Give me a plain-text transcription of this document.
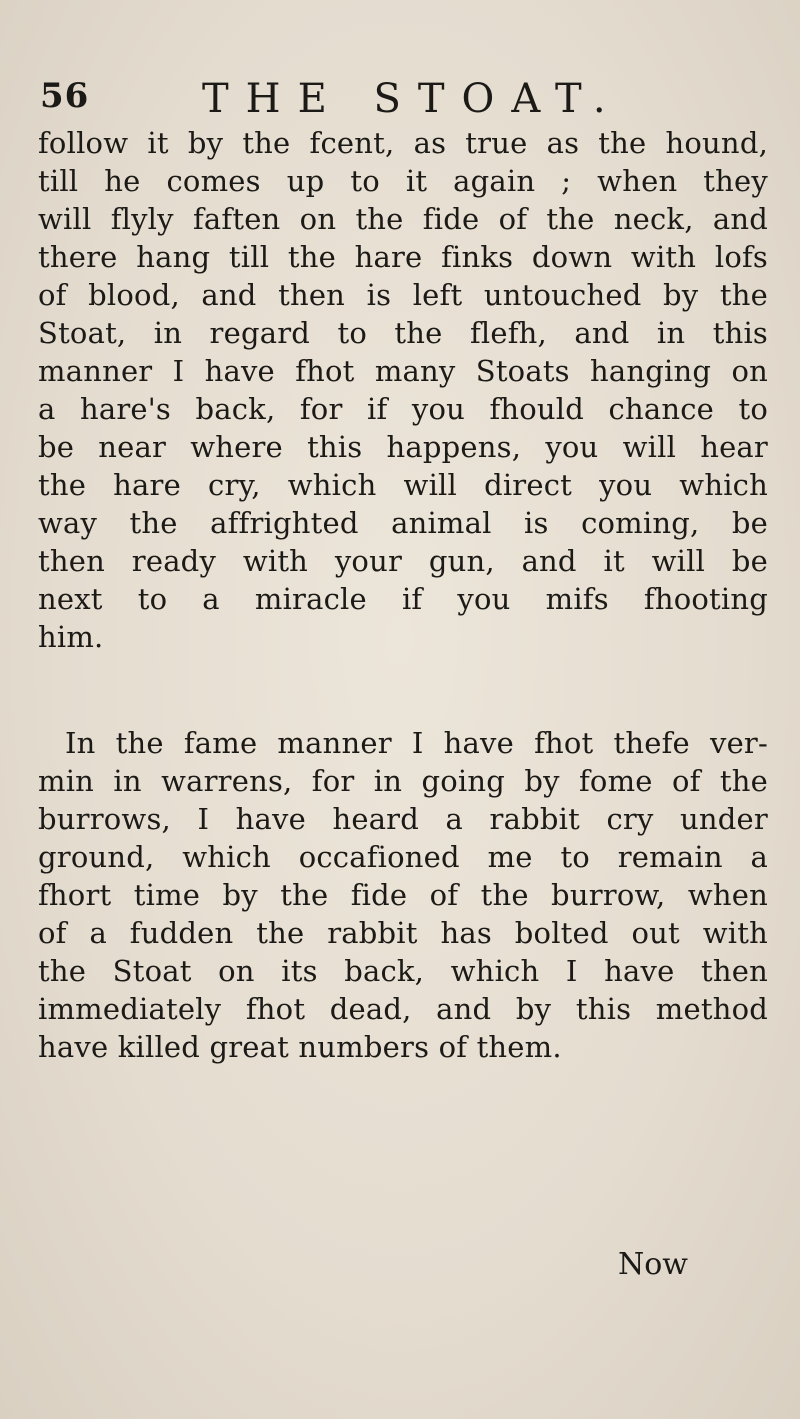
56	THE STOAT.
follow it by the fcent, as true as the hound,
till he comes up to it again ; when they
will flyly faften on the fide of the neck, and
there hang till the hare finks down with lofs
of blood, and then is left untouched by the
Stoat, in regard to the flefh, and in this
manner I have fhot many Stoats hanging on
a hare's back, for if you fhould chance to
be near where this happens, you will hear
the hare cry, which will direct you which
way the affrighted animal is coming, be
then ready with your gun, and it will be
next to a miracle if you mifs fhooting
him.
In the fame manner I have fhot thefe ver-
min in warrens, for in going by fome of the
burrows, I have heard a rabbit cry under
ground, which occafioned me to remain a
fhort time by the fide of the burrow, when
of a fudden the rabbit has bolted out with
the Stoat on its back, which I have then
immediately fhot dead, and by this method
have killed great numbers of them.
Now
